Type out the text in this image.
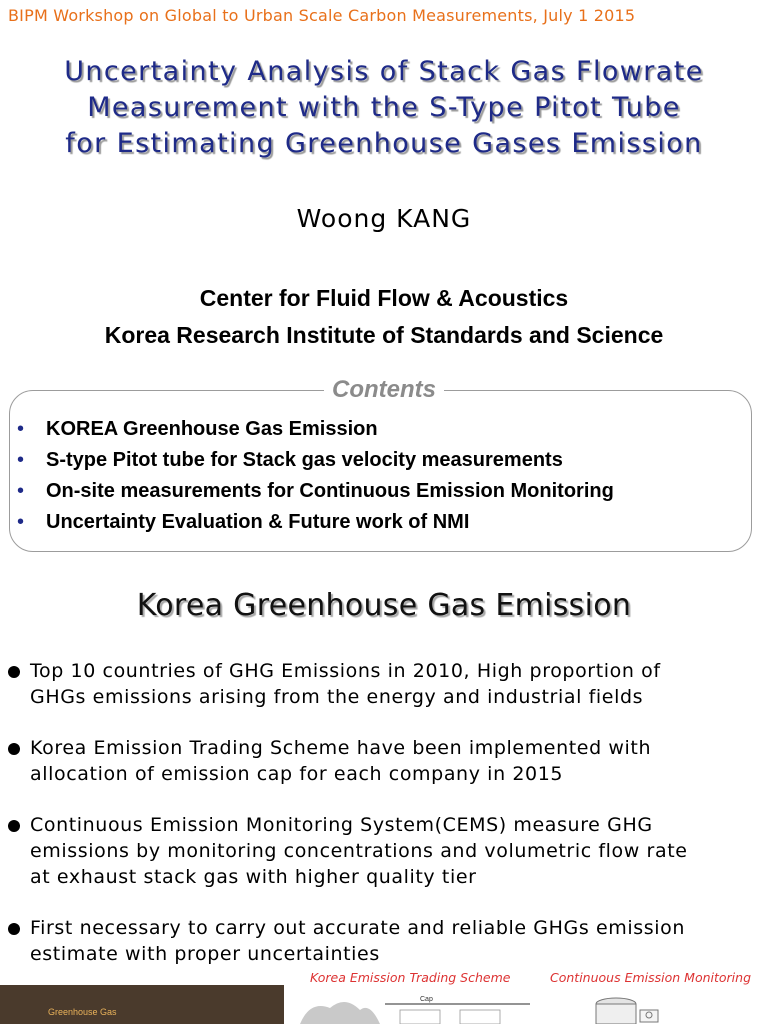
BIPM Workshop on Global to Urban Scale Carbon Measurements, July 1 2015
Uncertainty Analysis of Stack Gas Flowrate
Measurement with the S-Type Pitot Tube
for Estimating Greenhouse Gases Emission
Woong KANG
Center for Fluid Flow & Acoustics
Korea Research Institute of Standards and Science
Contents
• KOREA Greenhouse Gas Emission
• S-type Pitot tube for Stack gas velocity measurements
• On-site measurements for Continuous Emission Monitoring
• Uncertainty Evaluation & Future work of NMI
Korea Greenhouse Gas Emission
Top 10 countries of GHG Emissions in 2010, High proportion of
GHGs emissions arising from the energy and industrial fields
Korea Emission Trading Scheme have been implemented with
allocation of emission cap for each company in 2015
Continuous Emission Monitoring System(CEMS) measure GHG
emissions by monitoring concentrations and volumetric flow rate
at exhaust stack gas with higher quality tier
First necessary to carry out accurate and reliable GHGs emission
estimate with proper uncertainties
Korea Emission Trading Scheme	Continuous Emission Monitoring
Greenhouse Gas
Cap
